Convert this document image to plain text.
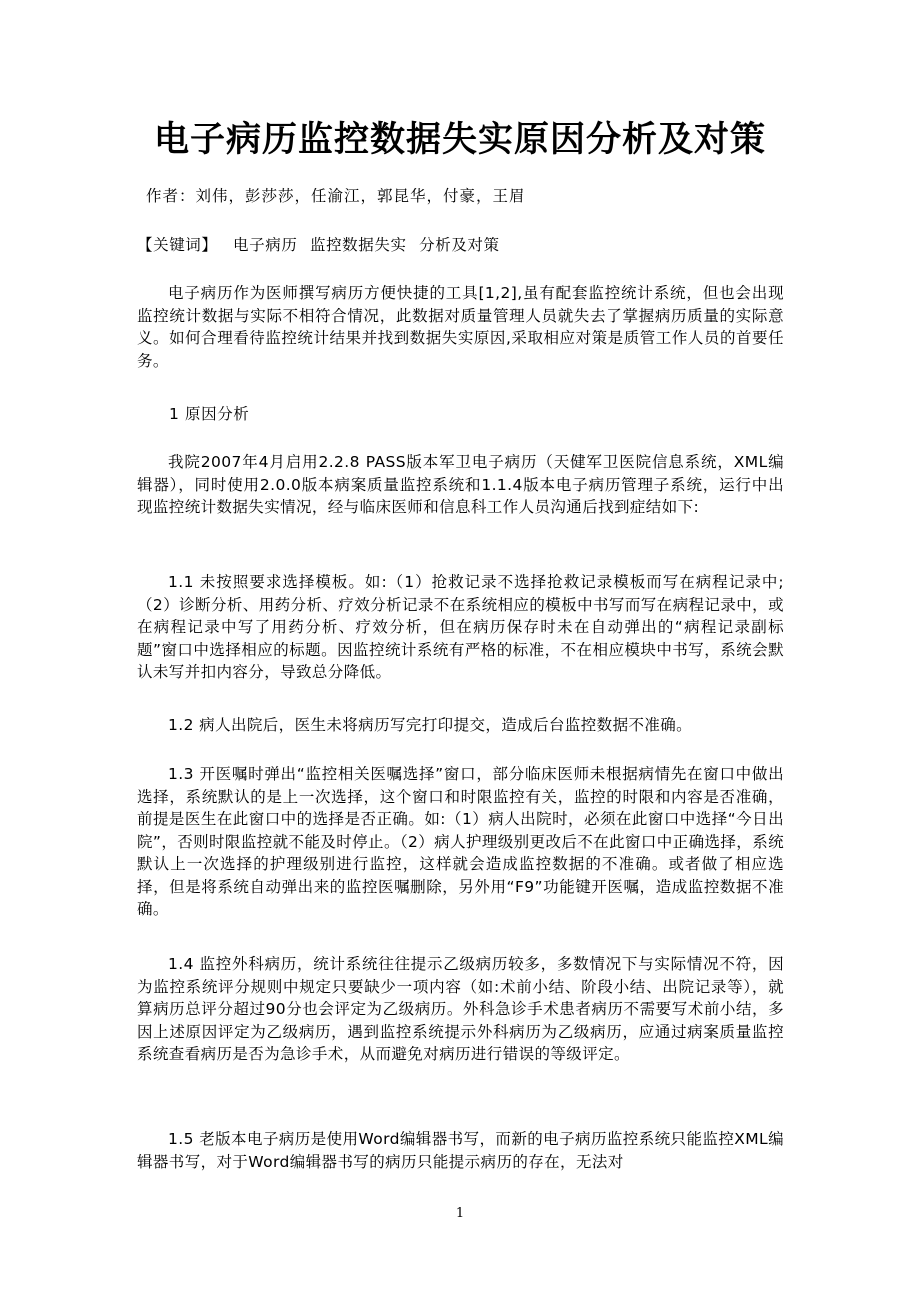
电子病历监控数据失实原因分析及对策
作者：刘伟，彭莎莎，任渝江，郭昆华，付豪，王眉
【关键词】 电子病历 监控数据失实 分析及对策

电子病历作为医师撰写病历方便快捷的工具[1,2],虽有配套监控统计系统，但也会出现监控统计数据与实际不相符合情况，此数据对质量管理人员就失去了掌握病历质量的实际意义。如何合理看待监控统计结果并找到数据失实原因,采取相应对策是质管工作人员的首要任务。

1 原因分析

我院2007年4月启用2.2.8 PASS版本军卫电子病历（天健军卫医院信息系统，XML编辑器），同时使用2.0.0版本病案质量监控系统和1.1.4版本电子病历管理子系统，运行中出现监控统计数据失实情况，经与临床医师和信息科工作人员沟通后找到症结如下:

1.1 未按照要求选择模板。如:（1）抢救记录不选择抢救记录模板而写在病程记录中;（2）诊断分析、用药分析、疗效分析记录不在系统相应的模板中书写而写在病程记录中，或在病程记录中写了用药分析、疗效分析，但在病历保存时未在自动弹出的“病程记录副标题”窗口中选择相应的标题。因监控统计系统有严格的标准，不在相应模块中书写，系统会默认未写并扣内容分，导致总分降低。

1.2 病人出院后，医生未将病历写完打印提交，造成后台监控数据不准确。

1.3 开医嘱时弹出“监控相关医嘱选择”窗口，部分临床医师未根据病情先在窗口中做出选择，系统默认的是上一次选择，这个窗口和时限监控有关，监控的时限和内容是否准确，前提是医生在此窗口中的选择是否正确。如:（1）病人出院时，必须在此窗口中选择“今日出院”，否则时限监控就不能及时停止。（2）病人护理级别更改后不在此窗口中正确选择，系统默认上一次选择的护理级别进行监控，这样就会造成监控数据的不准确。或者做了相应选择，但是将系统自动弹出来的监控医嘱删除，另外用“F9”功能键开医嘱，造成监控数据不准确。

1.4 监控外科病历，统计系统往往提示乙级病历较多，多数情况下与实际情况不符，因为监控系统评分规则中规定只要缺少一项内容（如:术前小结、阶段小结、出院记录等），就算病历总评分超过90分也会评定为乙级病历。外科急诊手术患者病历不需要写术前小结，多因上述原因评定为乙级病历，遇到监控系统提示外科病历为乙级病历，应通过病案质量监控系统查看病历是否为急诊手术，从而避免对病历进行错误的等级评定。

1.5 老版本电子病历是使用Word编辑器书写，而新的电子病历监控系统只能监控XML编辑器书写，对于Word编辑器书写的病历只能提示病历的存在，无法对

1
